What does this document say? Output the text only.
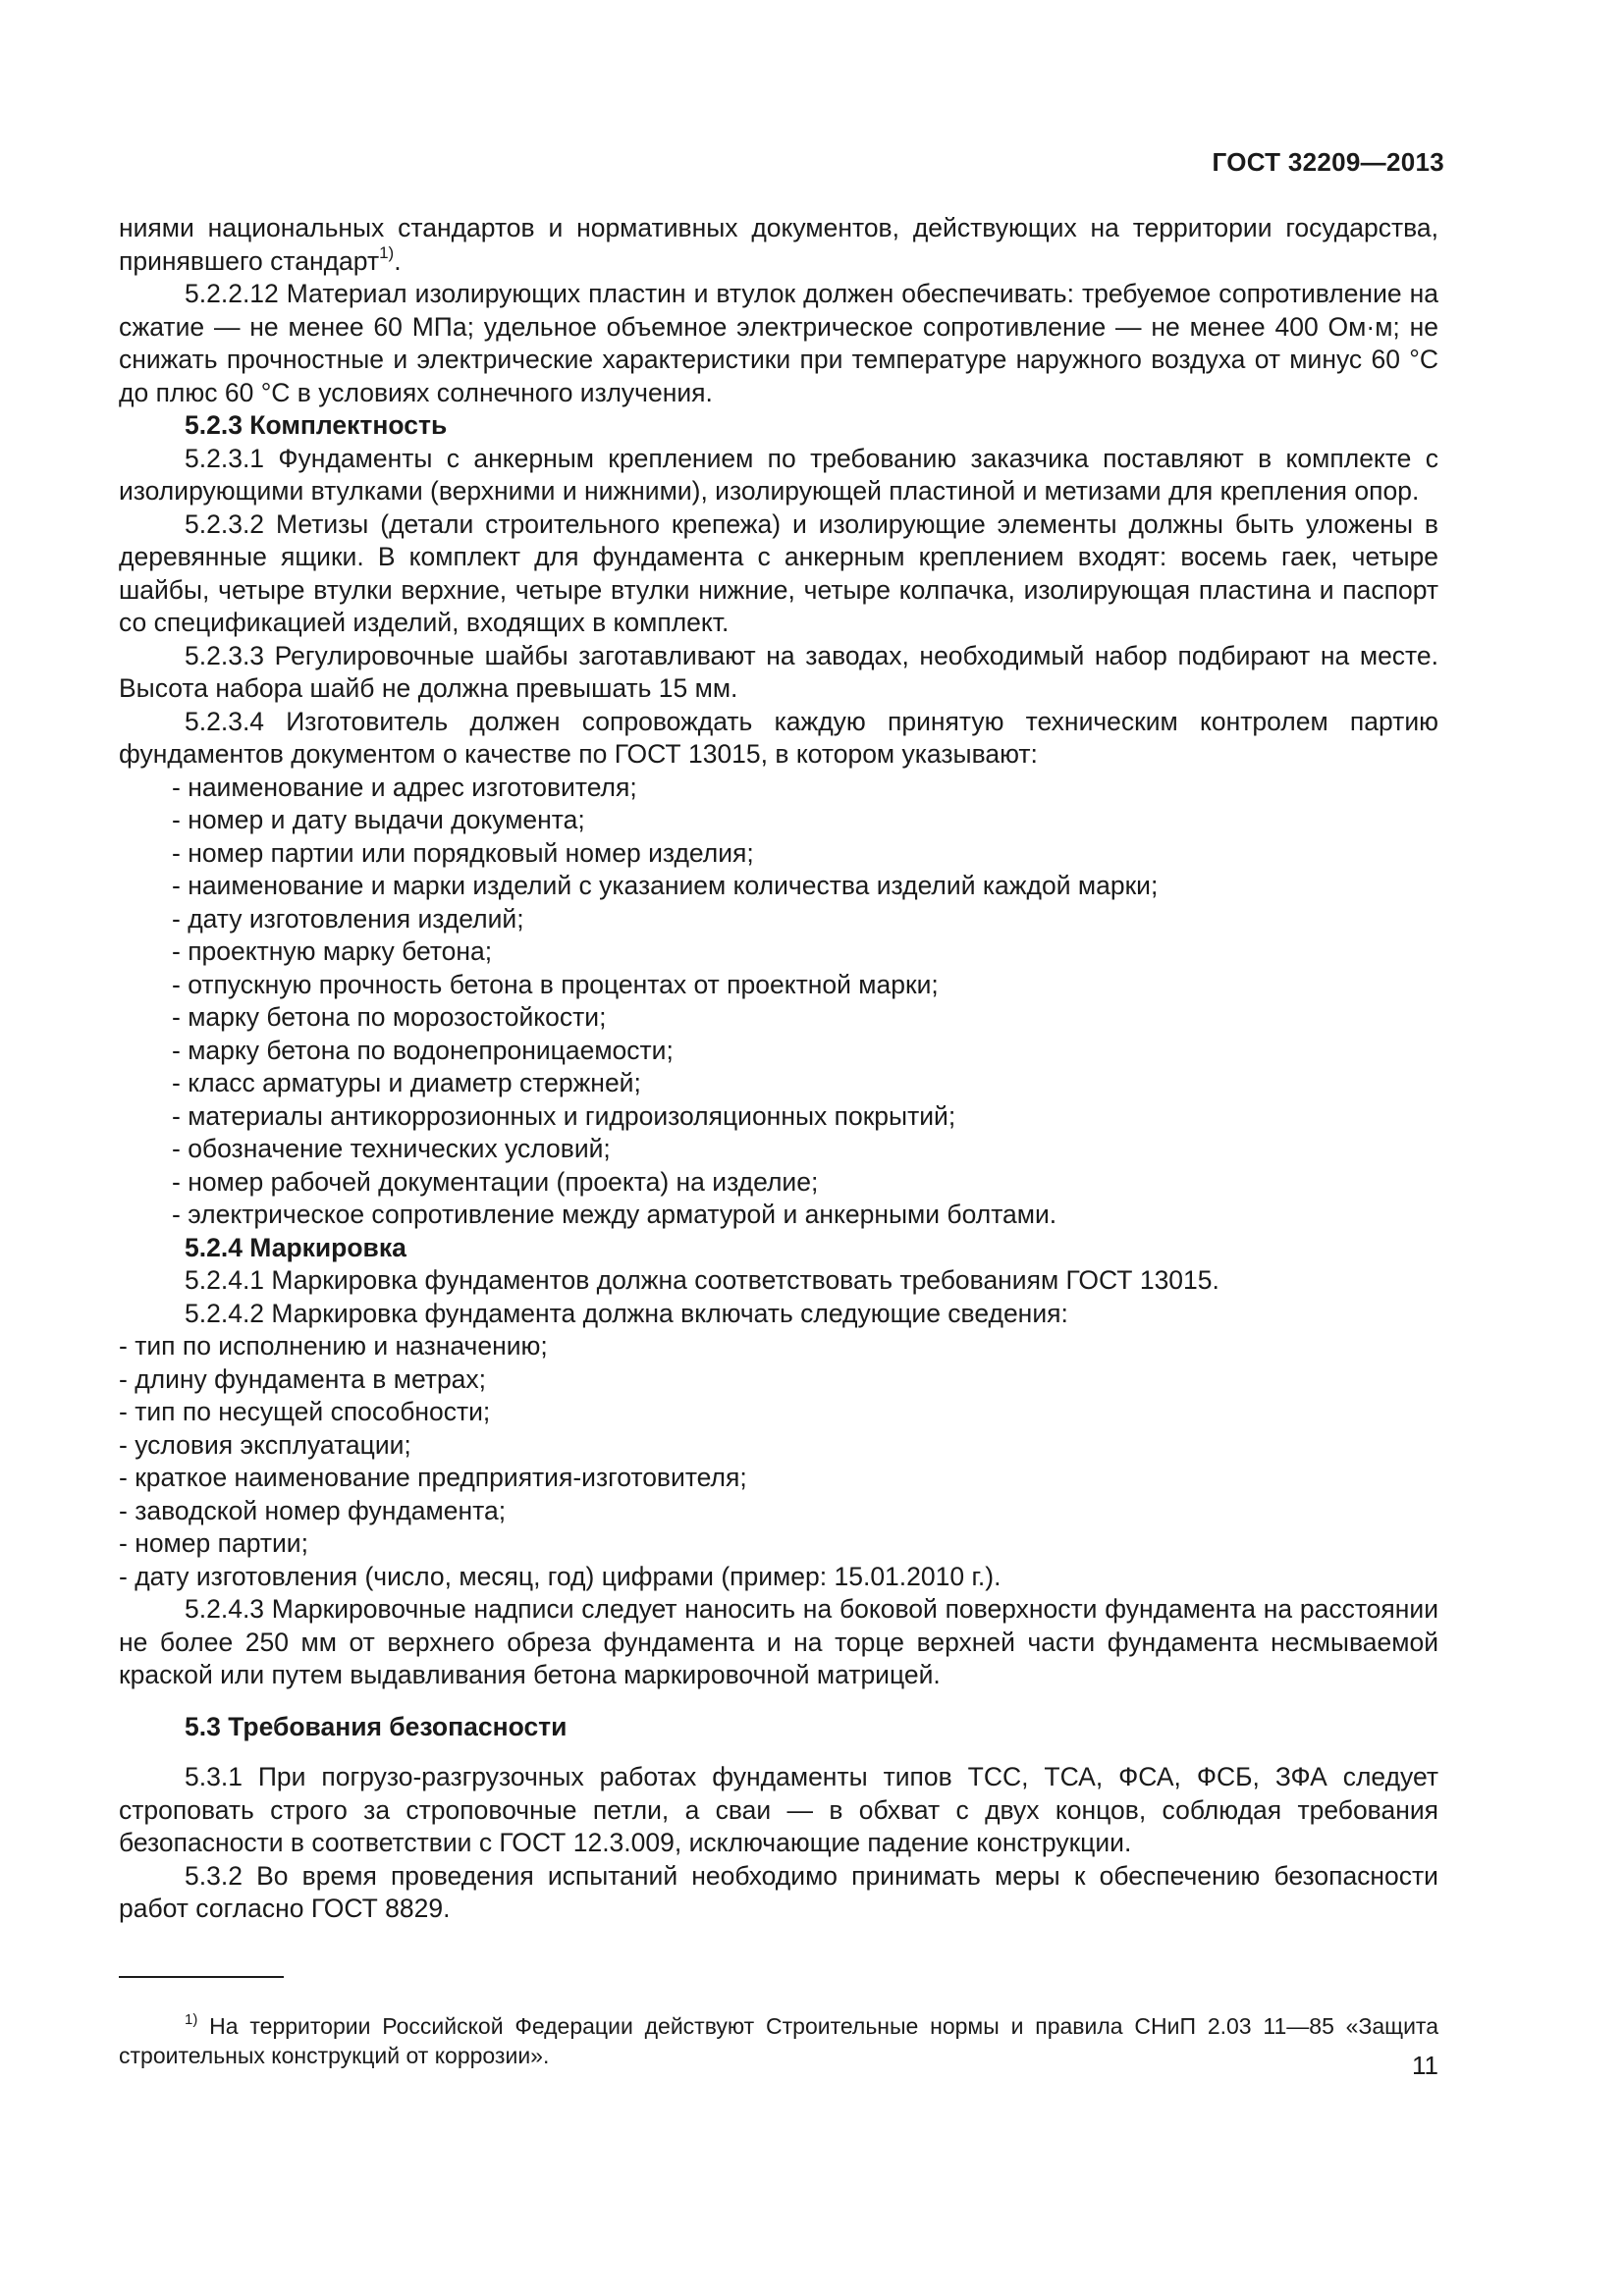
ГОСТ 32209—2013

ниями национальных стандартов и нормативных документов, действующих на территории государства, принявшего стандарт$^{1)}$.

5.2.2.12 Материал изолирующих пластин и втулок должен обеспечивать: требуемое сопротивление на сжатие — не менее 60 МПа; удельное объемное электрическое сопротивление — не менее 400 Ом·м; не снижать прочностные и электрические характеристики при температуре наружного воздуха от минус 60 °С до плюс 60 °С в условиях солнечного излучения.

5.2.3 Комплектность

5.2.3.1 Фундаменты с анкерным креплением по требованию заказчика поставляют в комплекте с изолирующими втулками (верхними и нижними), изолирующей пластиной и метизами для крепления опор.

5.2.3.2 Метизы (детали строительного крепежа) и изолирующие элементы должны быть уложены в деревянные ящики. В комплект для фундамента с анкерным креплением входят: восемь гаек, четыре шайбы, четыре втулки верхние, четыре втулки нижние, четыре колпачка, изолирующая пластина и паспорт со спецификацией изделий, входящих в комплект.

5.2.3.3 Регулировочные шайбы заготавливают на заводах, необходимый набор подбирают на месте. Высота набора шайб не должна превышать 15 мм.

5.2.3.4 Изготовитель должен сопровождать каждую принятую техническим контролем партию фундаментов документом о качестве по ГОСТ 13015, в котором указывают:

- наименование и адрес изготовителя;
- номер и дату выдачи документа;
- номер партии или порядковый номер изделия;
- наименование и марки изделий с указанием количества изделий каждой марки;
- дату изготовления изделий;
- проектную марку бетона;
- отпускную прочность бетона в процентах от проектной марки;
- марку бетона по морозостойкости;
- марку бетона по водонепроницаемости;
- класс арматуры и диаметр стержней;
- материалы антикоррозионных и гидроизоляционных покрытий;
- обозначение технических условий;
- номер рабочей документации (проекта) на изделие;
- электрическое сопротивление между арматурой и анкерными болтами.

5.2.4 Маркировка

5.2.4.1 Маркировка фундаментов должна соответствовать требованиям ГОСТ 13015.

5.2.4.2 Маркировка фундамента должна включать следующие сведения:

- тип по исполнению и назначению;
- длину фундамента в метрах;
- тип по несущей способности;
- условия эксплуатации;
- краткое наименование предприятия-изготовителя;
- заводской номер фундамента;
- номер партии;
- дату изготовления (число, месяц, год) цифрами (пример: 15.01.2010 г.).

5.2.4.3 Маркировочные надписи следует наносить на боковой поверхности фундамента на расстоянии не более 250 мм от верхнего обреза фундамента и на торце верхней части фундамента несмываемой краской или путем выдавливания бетона маркировочной матрицей.

5.3 Требования безопасности

5.3.1 При погрузо-разгрузочных работах фундаменты типов ТСС, ТСА, ФСА, ФСБ, ЗФА следует строповать строго за строповочные петли, а сваи — в обхват с двух концов, соблюдая требования безопасности в соответствии с ГОСТ 12.3.009, исключающие падение конструкции.

5.3.2 Во время проведения испытаний необходимо принимать меры к обеспечению безопасности работ согласно ГОСТ 8829.

$^{1)}$ На территории Российской Федерации действуют Строительные нормы и правила СНиП 2.03 11—85 «Защита строительных конструкций от коррозии».	11
